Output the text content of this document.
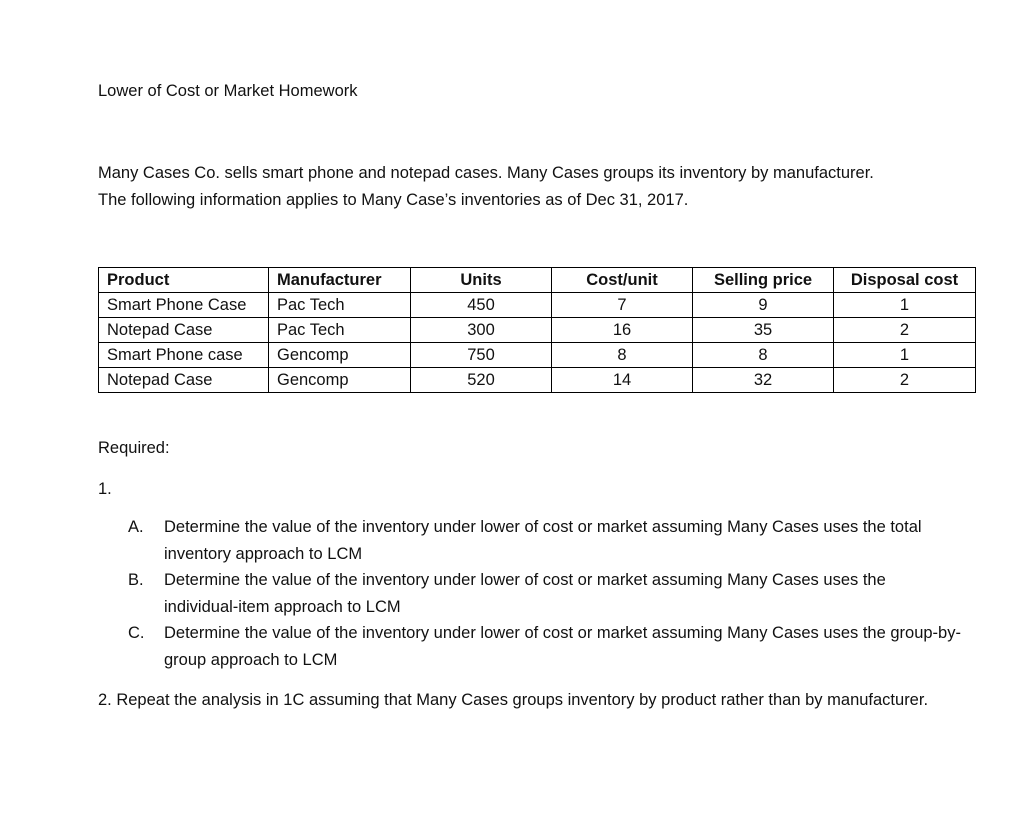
Lower of Cost or Market Homework

Many Cases Co. sells smart phone and notepad cases. Many Cases groups its inventory by manufacturer.

The following information applies to Many Case’s inventories as of Dec 31, 2017.

Product	Manufacturer	Units	Cost/unit	Selling price	Disposal cost
Smart Phone Case	Pac Tech	450	7	9	1
Notepad Case	Pac Tech	300	16	35	2
Smart Phone case	Gencomp	750	8	8	1
Notepad Case	Gencomp	520	14	32	2
Required:
1.
A. Determine the value of the inventory under lower of cost or market assuming Many Cases uses the total inventory approach to LCM
B. Determine the value of the inventory under lower of cost or market assuming Many Cases uses the individual-item approach to LCM
C. Determine the value of the inventory under lower of cost or market assuming Many Cases uses the group-by-group approach to LCM
2. Repeat the analysis in 1C assuming that Many Cases groups inventory by product rather than by manufacturer.
